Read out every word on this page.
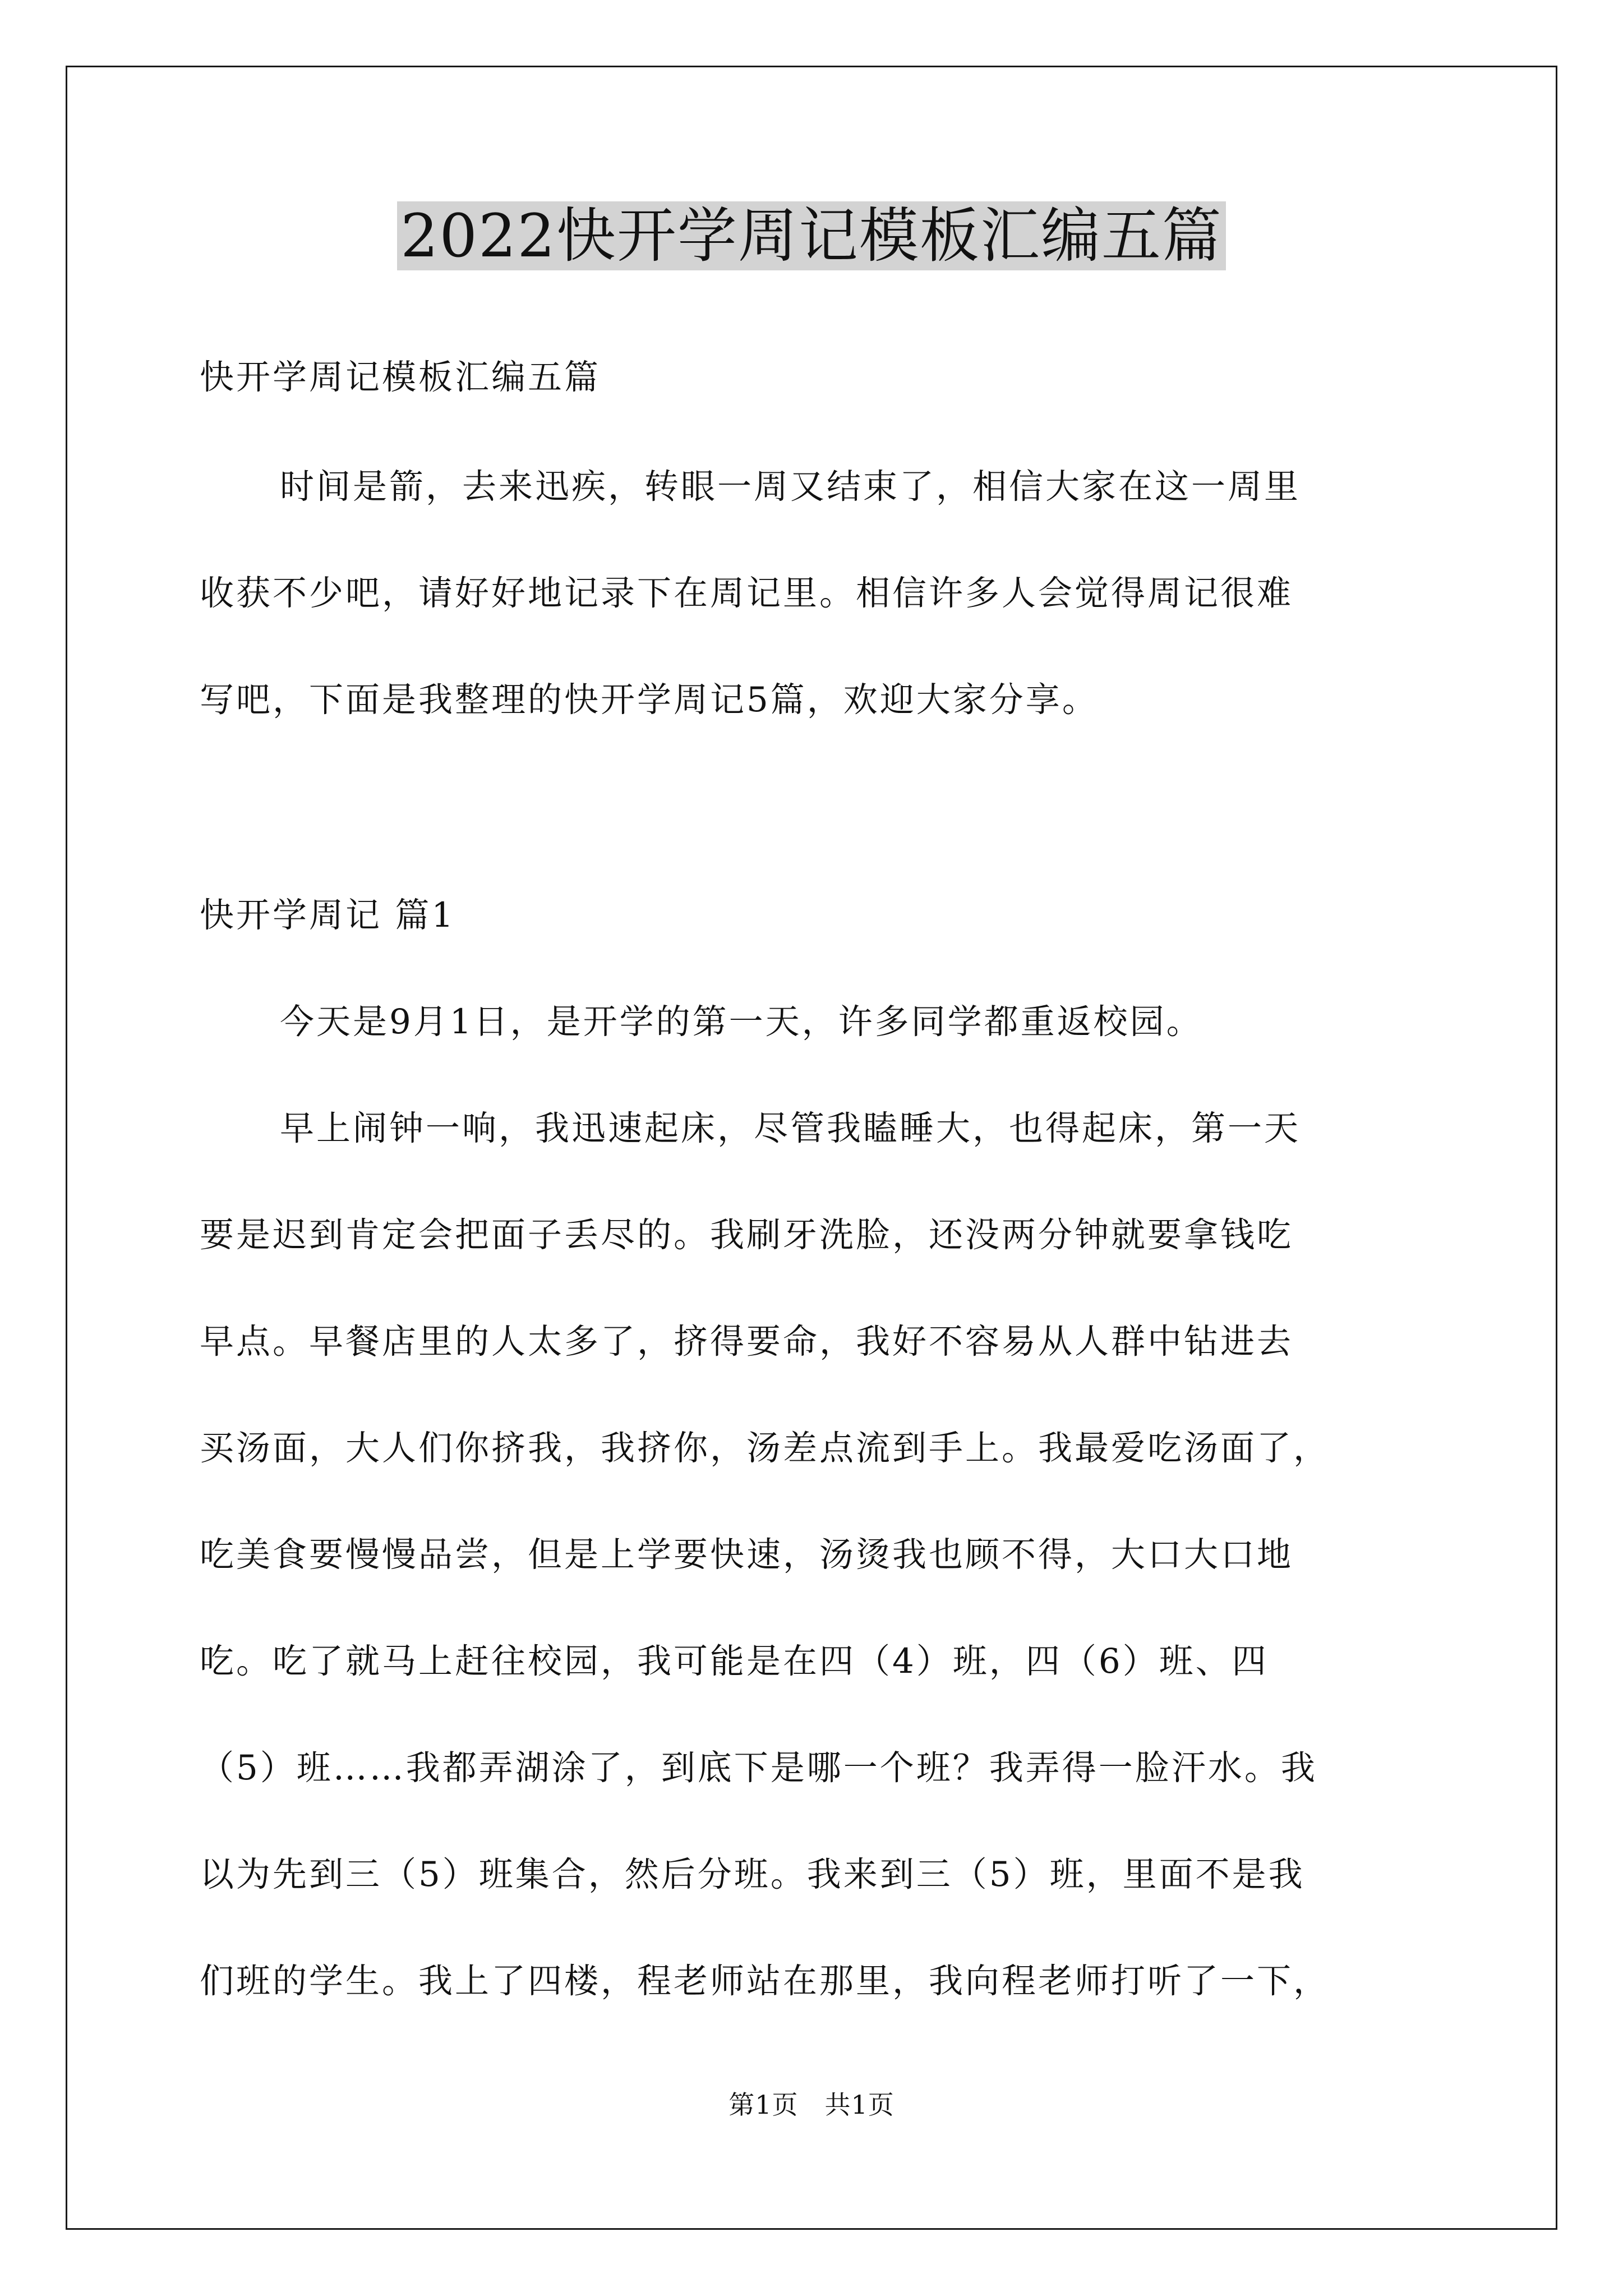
2022快开学周记模板汇编五篇
快开学周记模板汇编五篇
时间是箭，去来迅疾，转眼一周又结束了，相信大家在这一周里
收获不少吧，请好好地记录下在周记里。相信许多人会觉得周记很难
写吧，下面是我整理的快开学周记5篇，欢迎大家分享。
快开学周记 篇1
今天是9月1日，是开学的第一天，许多同学都重返校园。
早上闹钟一响，我迅速起床，尽管我瞌睡大，也得起床，第一天
要是迟到肯定会把面子丢尽的。我刷牙洗脸，还没两分钟就要拿钱吃
早点。早餐店里的人太多了，挤得要命，我好不容易从人群中钻进去
买汤面，大人们你挤我，我挤你，汤差点流到手上。我最爱吃汤面了，
吃美食要慢慢品尝，但是上学要快速，汤烫我也顾不得，大口大口地
吃。吃了就马上赶往校园，我可能是在四（4）班，四（6）班、四
（5）班……我都弄湖涂了，到底下是哪一个班？我弄得一脸汗水。我
以为先到三（5）班集合，然后分班。我来到三（5）班，里面不是我
们班的学生。我上了四楼，程老师站在那里，我向程老师打听了一下，
第1页　共1页
